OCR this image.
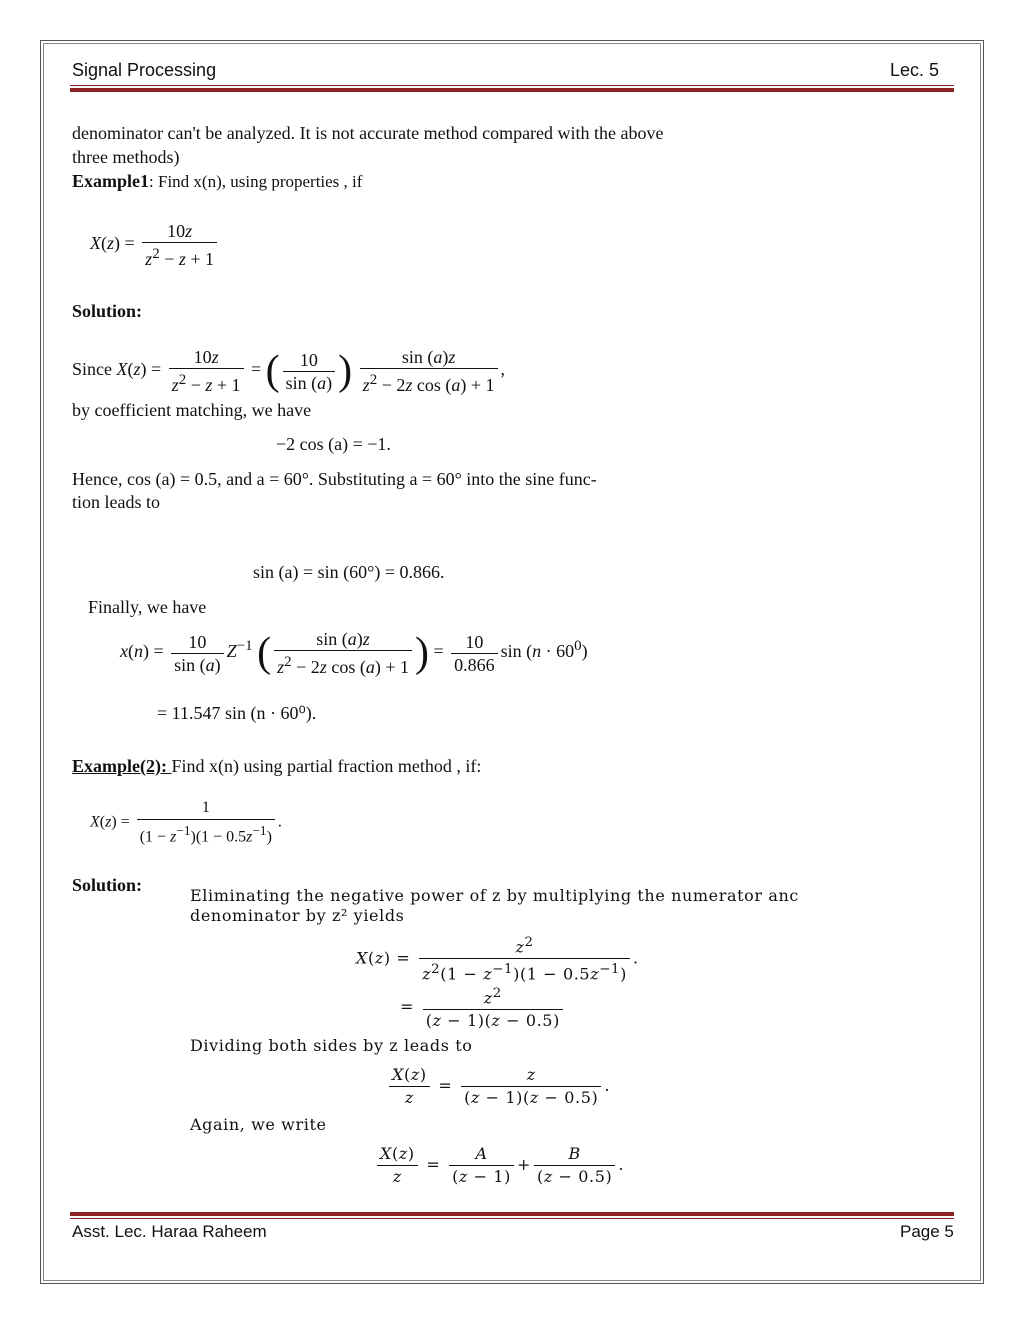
Signal Processing	Lec. 5
denominator can't be analyzed. It is not accurate method compared with the above
three methods)
Example1: Find x(n), using properties , if
$X(z) = \frac{10z}{z^2 - z + 1}$
Solution:
Since $X(z) = \frac{10z}{z^2 - z + 1}$ = ( $\frac{10}{\sin (a)}$ ) $\frac{\sin (a)z}{z^2 - 2z \cos (a) + 1}$ ,
by coefficient matching, we have
−2 cos (a) = −1.
Hence, cos (a) = 0.5, and a = 60°. Substituting a = 60° into the sine func-
tion leads to
sin (a) = sin (60°) = 0.866.
Finally, we have
$x(n) = \frac{10}{\sin (a)} Z^{-1}$ ( $\frac{\sin (a)z}{z^2 - 2z \cos (a) + 1}$ ) = $\frac{10}{0.866}$ $\sin (n \cdot 60^0)$
= 11.547 sin (n · 60⁰).
Example(2): Find x(n) using partial fraction method , if:
$X(z) = \frac{1}{(1 - z^{-1})(1 - 0.5z^{-1})}$ .
Solution:
Eliminating the negative power of z by multiplying the numerator anc
denominator by z² yields
$X(z) = \frac{z^2}{z^2(1 - z^{-1})(1 - 0.5z^{-1})}$ .
= $\frac{z^2}{(z - 1)(z - 0.5)}$
Dividing both sides by z leads to
$\frac{X(z)}{z} = \frac{z}{(z - 1)(z - 0.5)}$ .
Again, we write
$\frac{X(z)}{z} = \frac{A}{(z - 1)} + \frac{B}{(z - 0.5)}$ .
Asst. Lec. Haraa Raheem	Page 5
